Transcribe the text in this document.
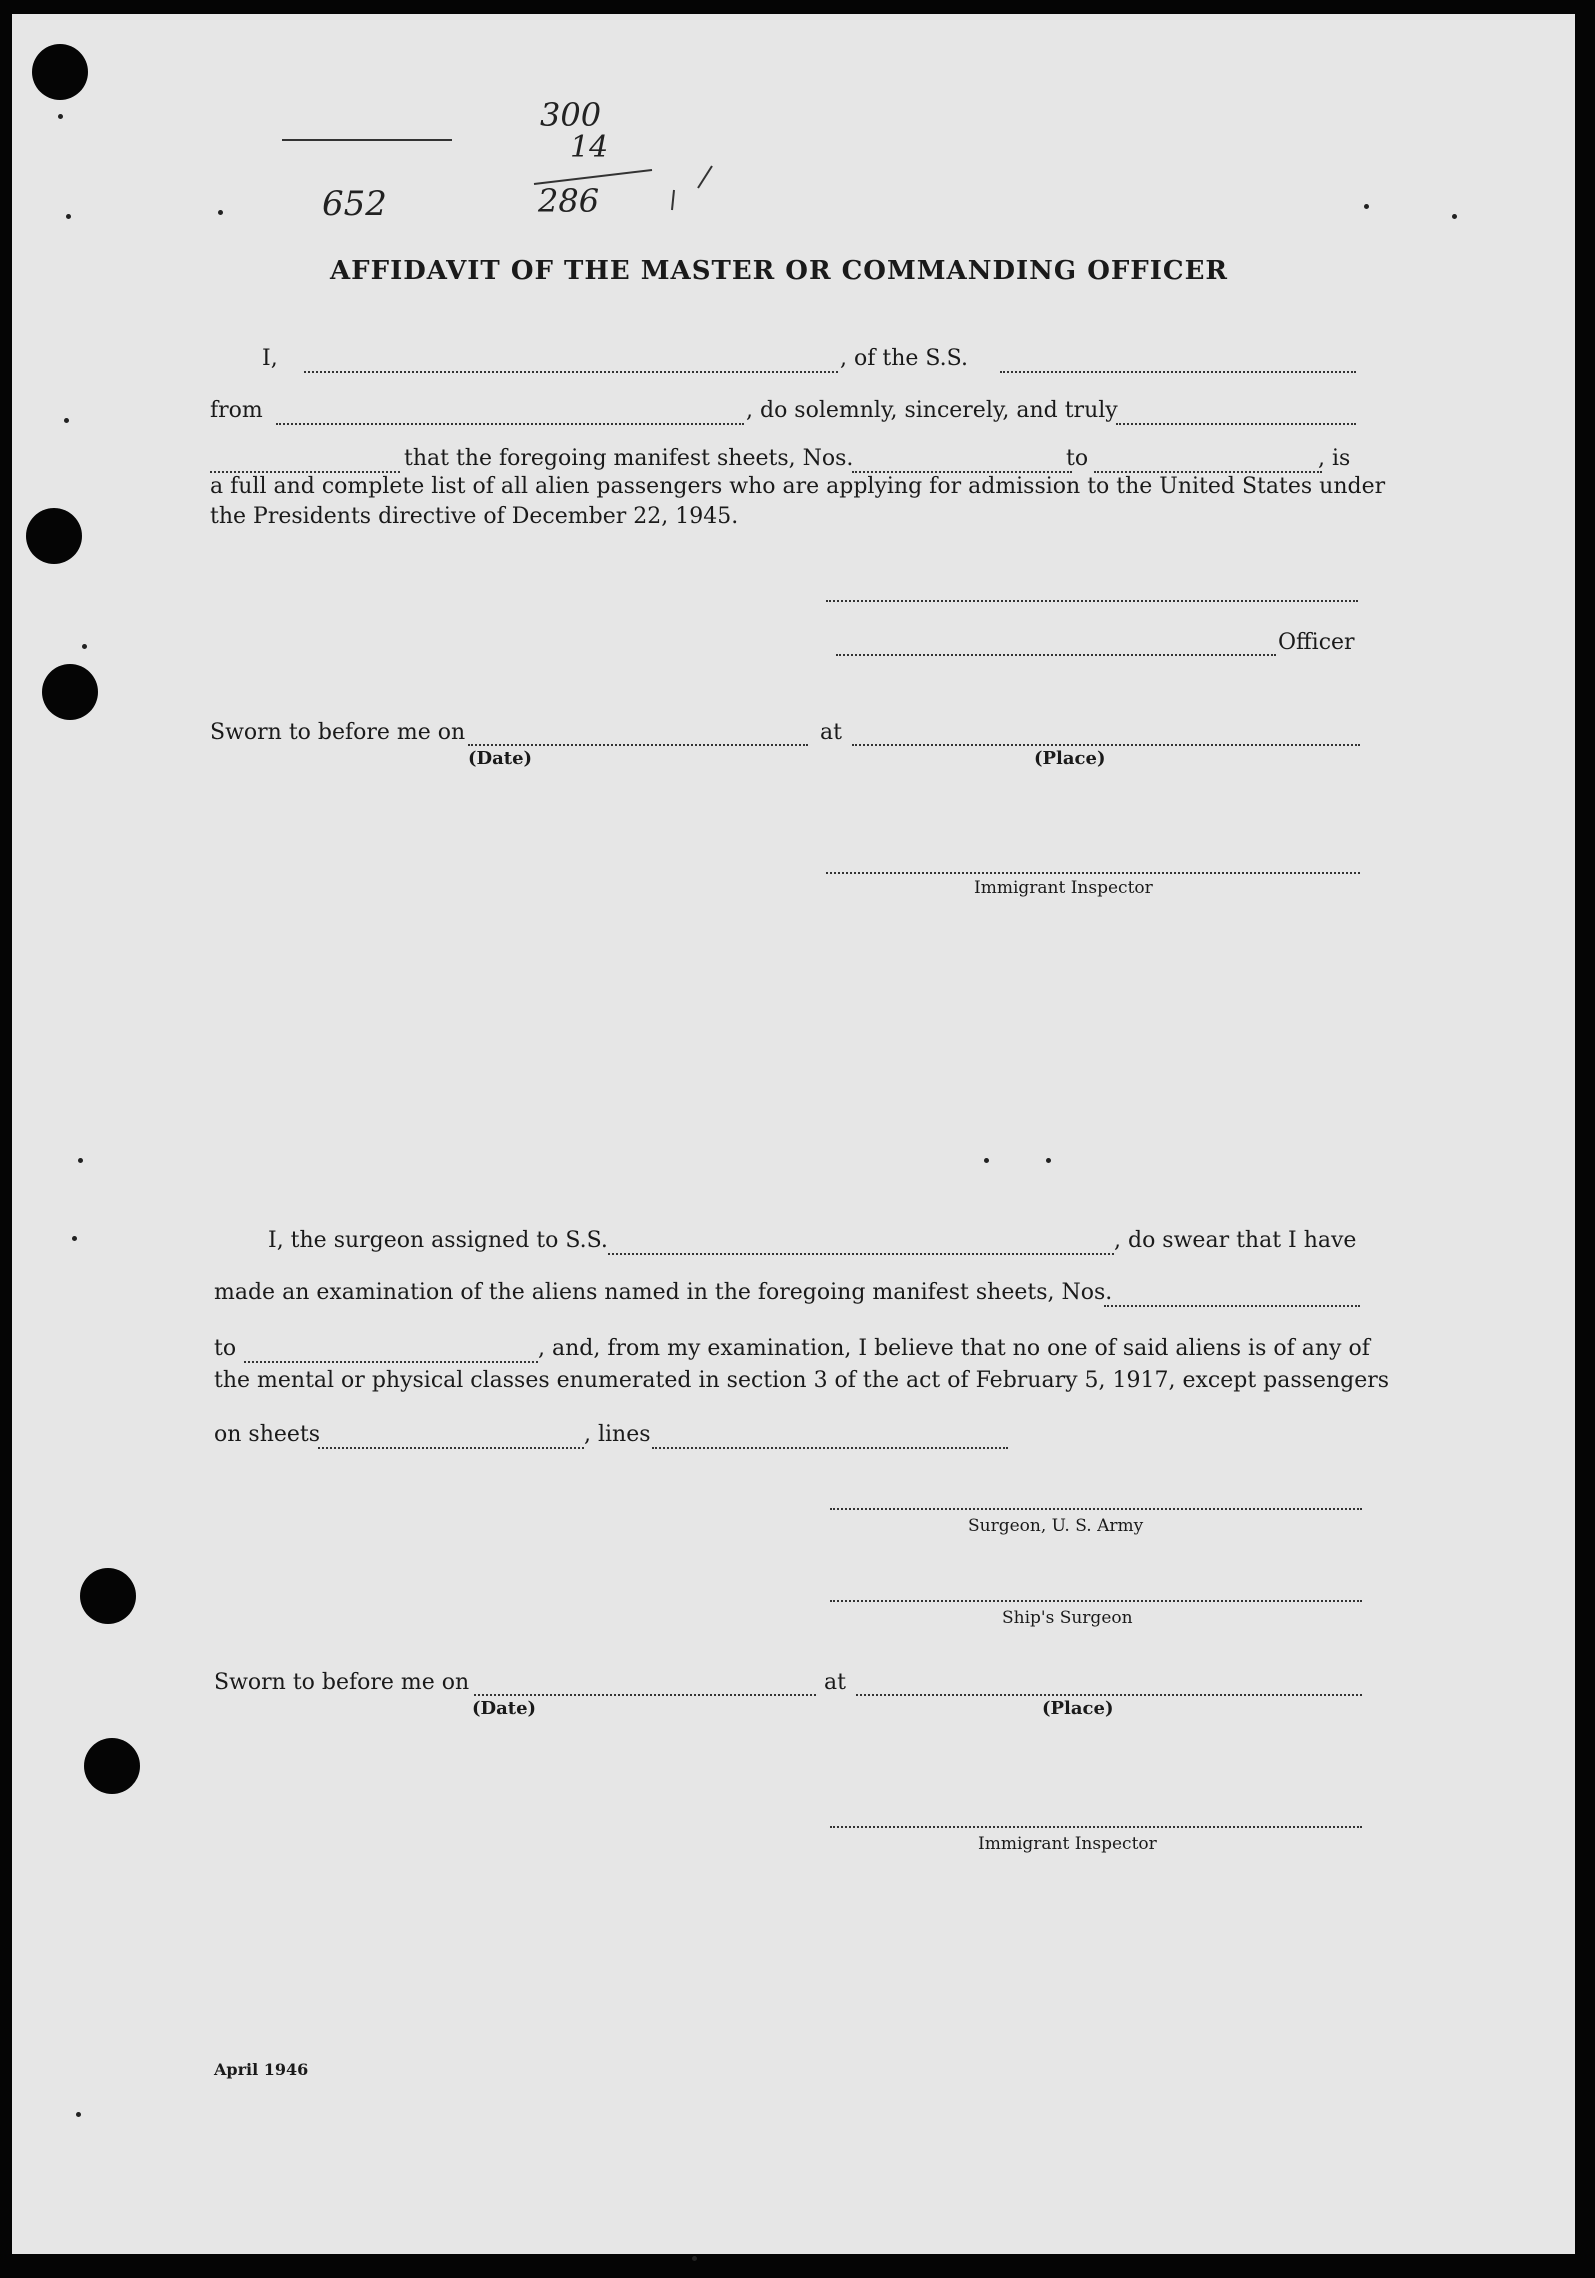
300
14
286
652
AFFIDAVIT OF THE MASTER OR COMMANDING OFFICER
I,	, of the S.S.
from	, do solemnly, sincerely, and truly
that the foregoing manifest sheets, Nos.	to	, is
a full and complete list of all alien passengers who are applying for admission to the United States under
the Presidents directive of December 22, 1945.
Officer
Sworn to before me on	at
(Date)	(Place)
Immigrant Inspector
I, the surgeon assigned to S.S.	, do swear that I have
made an examination of the aliens named in the foregoing manifest sheets, Nos.
to	, and, from my examination, I believe that no one of said aliens is of any of
the mental or physical classes enumerated in section 3 of the act of February 5, 1917, except passengers
on sheets	, lines
Surgeon, U. S. Army
Ship's Surgeon
Sworn to before me on	at
(Date)	(Place)
Immigrant Inspector
April 1946
